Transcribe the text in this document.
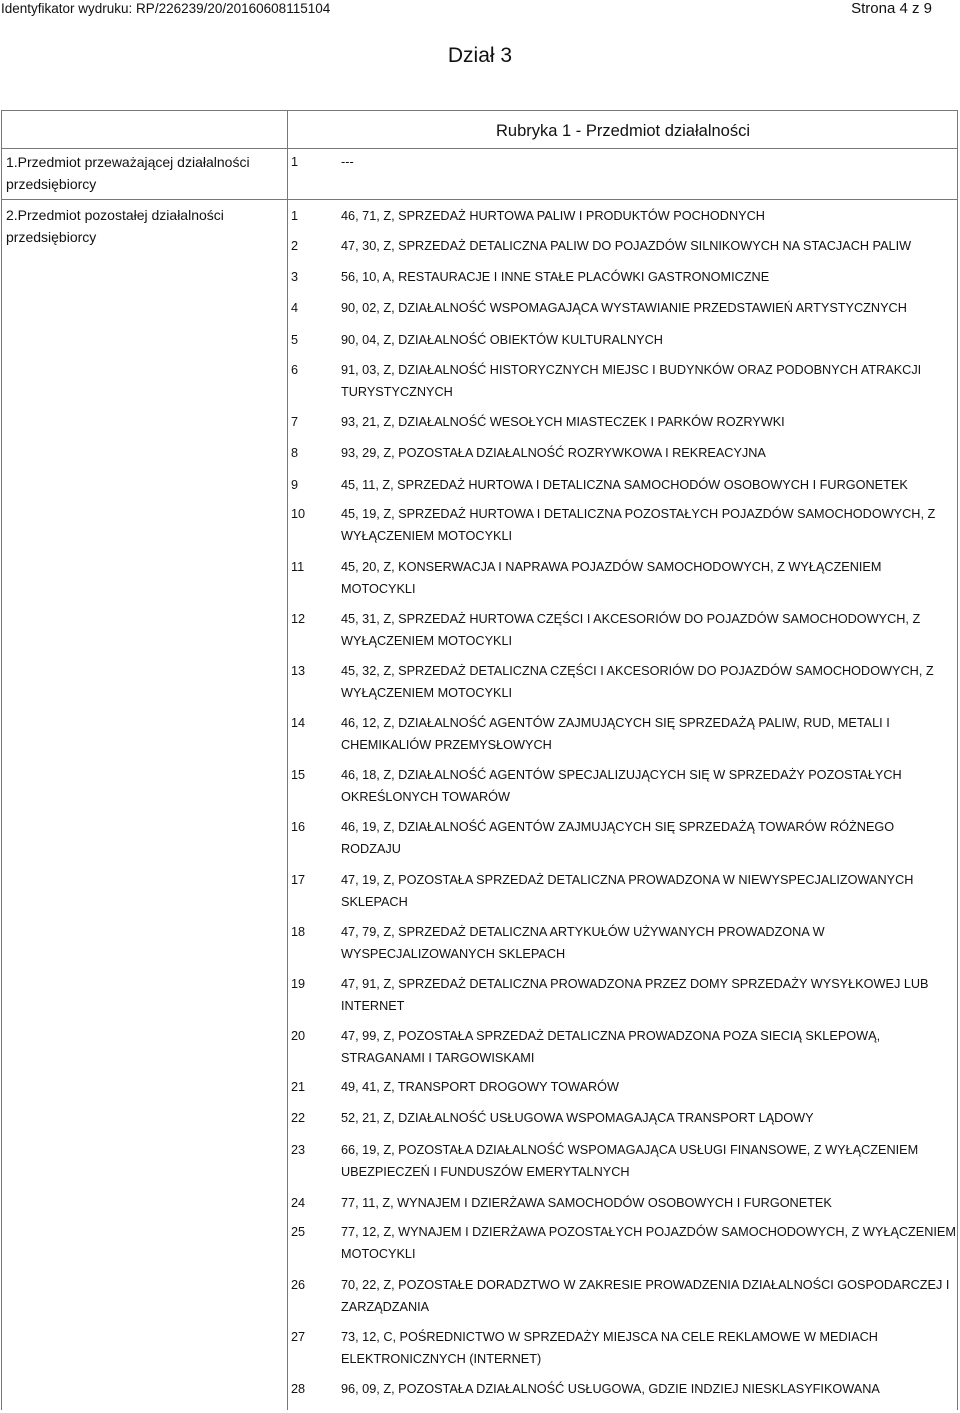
Identyfikator wydruku: RP/226239/20/20160608115104	Strona 4 z 9
Dział 3
Rubryka 1 - Przedmiot działalności
1.Przedmiot przeważającej działalności przedsiębiorcy
1	---
2.Przedmiot pozostałej działalności przedsiębiorcy
1	46, 71, Z, SPRZEDAŻ HURTOWA PALIW I PRODUKTÓW POCHODNYCH
2	47, 30, Z, SPRZEDAŻ DETALICZNA PALIW DO POJAZDÓW SILNIKOWYCH NA STACJACH PALIW
3	56, 10, A, RESTAURACJE I INNE STAŁE PLACÓWKI GASTRONOMICZNE
4	90, 02, Z, DZIAŁALNOŚĆ WSPOMAGAJĄCA WYSTAWIANIE PRZEDSTAWIEŃ ARTYSTYCZNYCH
5	90, 04, Z, DZIAŁALNOŚĆ OBIEKTÓW KULTURALNYCH
6	91, 03, Z, DZIAŁALNOŚĆ HISTORYCZNYCH MIEJSC I BUDYNKÓW ORAZ PODOBNYCH ATRAKCJI TURYSTYCZNYCH
7	93, 21, Z, DZIAŁALNOŚĆ WESOŁYCH MIASTECZEK I PARKÓW ROZRYWKI
8	93, 29, Z, POZOSTAŁA DZIAŁALNOŚĆ ROZRYWKOWA I REKREACYJNA
9	45, 11, Z, SPRZEDAŻ HURTOWA I DETALICZNA SAMOCHODÓW OSOBOWYCH I FURGONETEK
10	45, 19, Z, SPRZEDAŻ HURTOWA I DETALICZNA POZOSTAŁYCH POJAZDÓW SAMOCHODOWYCH, Z WYŁĄCZENIEM MOTOCYKLI
11	45, 20, Z, KONSERWACJA I NAPRAWA POJAZDÓW SAMOCHODOWYCH, Z WYŁĄCZENIEM MOTOCYKLI
12	45, 31, Z, SPRZEDAŻ HURTOWA CZĘŚCI I AKCESORIÓW DO POJAZDÓW SAMOCHODOWYCH, Z WYŁĄCZENIEM MOTOCYKLI
13	45, 32, Z, SPRZEDAŻ DETALICZNA CZĘŚCI I AKCESORIÓW DO POJAZDÓW SAMOCHODOWYCH, Z WYŁĄCZENIEM MOTOCYKLI
14	46, 12, Z, DZIAŁALNOŚĆ AGENTÓW ZAJMUJĄCYCH SIĘ SPRZEDAŻĄ PALIW, RUD, METALI I CHEMIKALIÓW PRZEMYSŁOWYCH
15	46, 18, Z, DZIAŁALNOŚĆ AGENTÓW SPECJALIZUJĄCYCH SIĘ W SPRZEDAŻY POZOSTAŁYCH OKREŚLONYCH TOWARÓW
16	46, 19, Z, DZIAŁALNOŚĆ AGENTÓW ZAJMUJĄCYCH SIĘ SPRZEDAŻĄ TOWARÓW RÓŻNEGO RODZAJU
17	47, 19, Z, POZOSTAŁA SPRZEDAŻ DETALICZNA PROWADZONA W NIEWYSPECJALIZOWANYCH SKLEPACH
18	47, 79, Z, SPRZEDAŻ DETALICZNA ARTYKUŁÓW UŻYWANYCH PROWADZONA W WYSPECJALIZOWANYCH SKLEPACH
19	47, 91, Z, SPRZEDAŻ DETALICZNA PROWADZONA PRZEZ DOMY SPRZEDAŻY WYSYŁKOWEJ LUB INTERNET
20	47, 99, Z, POZOSTAŁA SPRZEDAŻ DETALICZNA PROWADZONA POZA SIECIĄ SKLEPOWĄ, STRAGANAMI I TARGOWISKAMI
21	49, 41, Z, TRANSPORT DROGOWY TOWARÓW
22	52, 21, Z, DZIAŁALNOŚĆ USŁUGOWA WSPOMAGAJĄCA TRANSPORT LĄDOWY
23	66, 19, Z, POZOSTAŁA DZIAŁALNOŚĆ WSPOMAGAJĄCA USŁUGI FINANSOWE, Z WYŁĄCZENIEM UBEZPIECZEŃ I FUNDUSZÓW EMERYTALNYCH
24	77, 11, Z, WYNAJEM I DZIERŻAWA SAMOCHODÓW OSOBOWYCH I FURGONETEK
25	77, 12, Z, WYNAJEM I DZIERŻAWA POZOSTAŁYCH POJAZDÓW SAMOCHODOWYCH, Z WYŁĄCZENIEM MOTOCYKLI
26	70, 22, Z, POZOSTAŁE DORADZTWO W ZAKRESIE PROWADZENIA DZIAŁALNOŚCI GOSPODARCZEJ I ZARZĄDZANIA
27	73, 12, C, POŚREDNICTWO W SPRZEDAŻY MIEJSCA NA CELE REKLAMOWE W MEDIACH ELEKTRONICZNYCH (INTERNET)
28	96, 09, Z, POZOSTAŁA DZIAŁALNOŚĆ USŁUGOWA, GDZIE INDZIEJ NIESKLASYFIKOWANA
